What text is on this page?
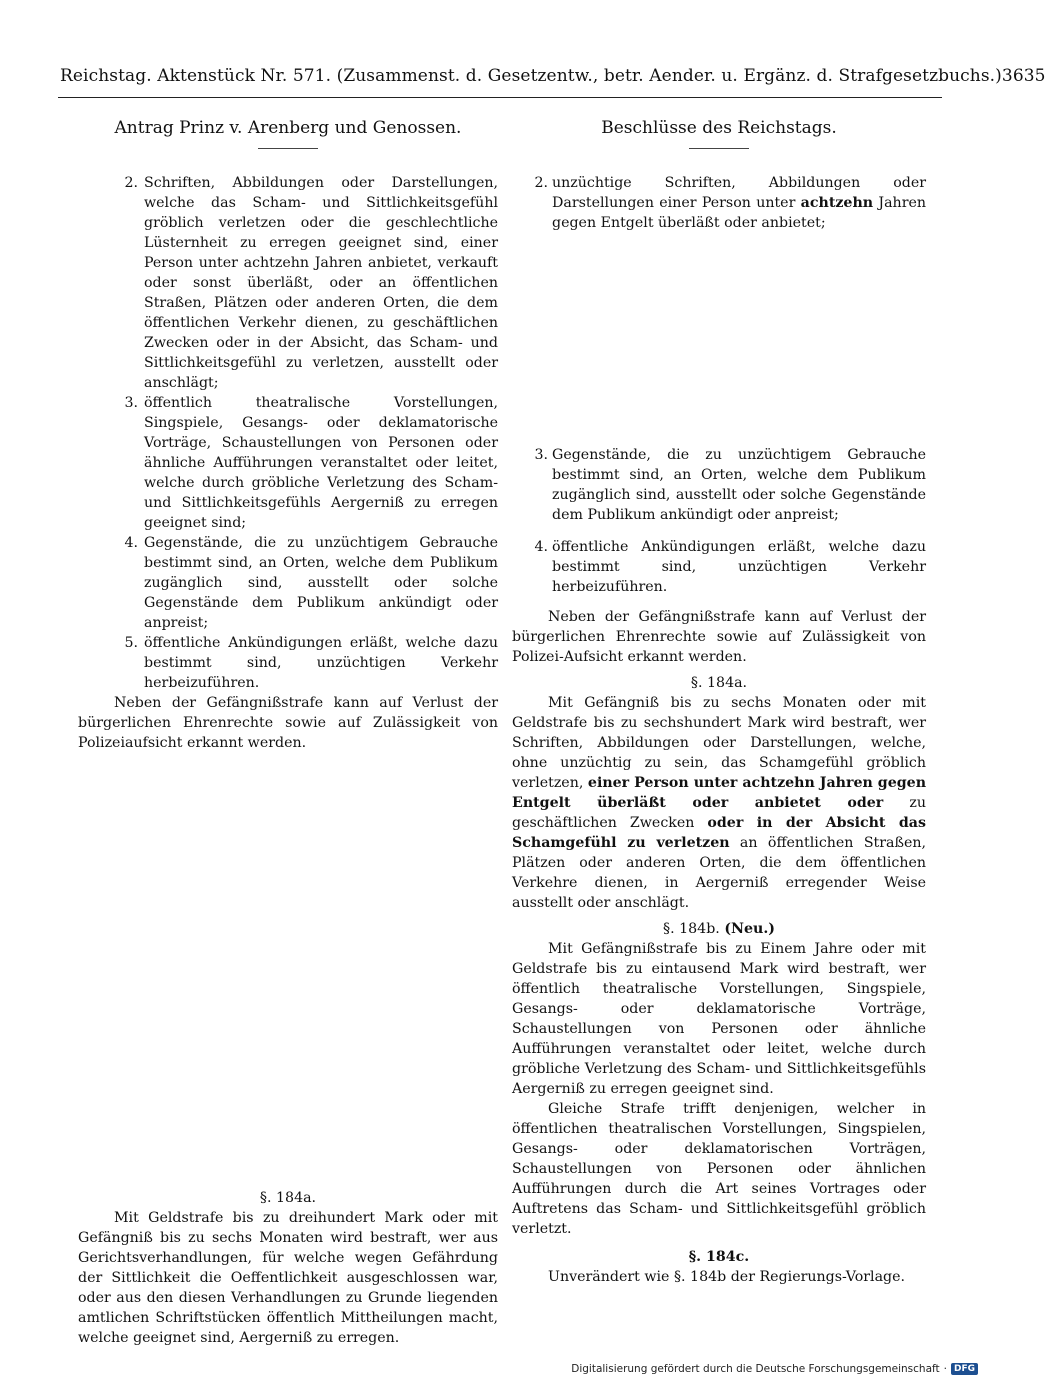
Reichstag. Aktenstück Nr. 571. (Zusammenst. d. Gesetzentw., betr. Aender. u. Ergänz. d. Strafgesetzbuchs.) 3635
Antrag Prinz v. Arenberg und Genossen.
2. Schriften, Abbildungen oder Darstellungen, welche das Scham- und Sittlichkeitsgefühl gröblich verletzen oder die geschlechtliche Lüsternheit zu erregen geeignet sind, einer Person unter achtzehn Jahren anbietet, verkauft oder sonst überläßt, oder an öffentlichen Straßen, Plätzen oder anderen Orten, die dem öffentlichen Verkehr dienen, zu geschäftlichen Zwecken oder in der Absicht, das Scham- und Sittlichkeitsgefühl zu verletzen, ausstellt oder anschlägt;
3. öffentlich theatralische Vorstellungen, Singspiele, Gesangs- oder deklamatorische Vorträge, Schaustellungen von Personen oder ähnliche Aufführungen veranstaltet oder leitet, welche durch gröbliche Verletzung des Scham- und Sittlichkeitsgefühls Aergerniß zu erregen geeignet sind;
4. Gegenstände, die zu unzüchtigem Gebrauche bestimmt sind, an Orten, welche dem Publikum zugänglich sind, ausstellt oder solche Gegenstände dem Publikum ankündigt oder anpreist;
5. öffentliche Ankündigungen erläßt, welche dazu bestimmt sind, unzüchtigen Verkehr herbeizuführen.

Neben der Gefängnißstrafe kann auf Verlust der bürgerlichen Ehrenrechte sowie auf Zulässigkeit von Polizeiaufsicht erkannt werden.

§. 184a.

Mit Geldstrafe bis zu dreihundert Mark oder mit Gefängniß bis zu sechs Monaten wird bestraft, wer aus Gerichtsverhandlungen, für welche wegen Gefährdung der Sittlichkeit die Oeffentlichkeit ausgeschlossen war, oder aus den diesen Verhandlungen zu Grunde liegenden amtlichen Schriftstücken öffentlich Mittheilungen macht, welche geeignet sind, Aergerniß zu erregen.

Beschlüsse des Reichstags.
2. unzüchtige Schriften, Abbildungen oder Darstellungen einer Person unter achtzehn Jahren gegen Entgelt überläßt oder anbietet;
3. Gegenstände, die zu unzüchtigem Gebrauche bestimmt sind, an Orten, welche dem Publikum zugänglich sind, ausstellt oder solche Gegenstände dem Publikum ankündigt oder anpreist;
4. öffentliche Ankündigungen erläßt, welche dazu bestimmt sind, unzüchtigen Verkehr herbeizuführen.

Neben der Gefängnißstrafe kann auf Verlust der bürgerlichen Ehrenrechte sowie auf Zulässigkeit von Polizei-Aufsicht erkannt werden.

§. 184a.

Mit Gefängniß bis zu sechs Monaten oder mit Geldstrafe bis zu sechshundert Mark wird bestraft, wer Schriften, Abbildungen oder Darstellungen, welche, ohne unzüchtig zu sein, das Schamgefühl gröblich verletzen, einer Person unter achtzehn Jahren gegen Entgelt überläßt oder anbietet oder zu geschäftlichen Zwecken oder in der Absicht das Schamgefühl zu verletzen an öffentlichen Straßen, Plätzen oder anderen Orten, die dem öffentlichen Verkehre dienen, in Aergerniß erregender Weise ausstellt oder anschlägt.

§. 184b. (Neu.)

Mit Gefängnißstrafe bis zu Einem Jahre oder mit Geldstrafe bis zu eintausend Mark wird bestraft, wer öffentlich theatralische Vorstellungen, Singspiele, Gesangs- oder deklamatorische Vorträge, Schaustellungen von Personen oder ähnliche Aufführungen veranstaltet oder leitet, welche durch gröbliche Verletzung des Scham- und Sittlichkeitsgefühls Aergerniß zu erregen geeignet sind.

Gleiche Strafe trifft denjenigen, welcher in öffentlichen theatralischen Vorstellungen, Singspielen, Gesangs- oder deklamatorischen Vorträgen, Schaustellungen von Personen oder ähnlichen Aufführungen durch die Art seines Vortrages oder Auftretens das Scham- und Sittlichkeitsgefühl gröblich verletzt.

§. 184c.

Unverändert wie §. 184b der Regierungs-Vorlage.

Digitalisierung gefördert durch die Deutsche Forschungsgemeinschaft · DFG
